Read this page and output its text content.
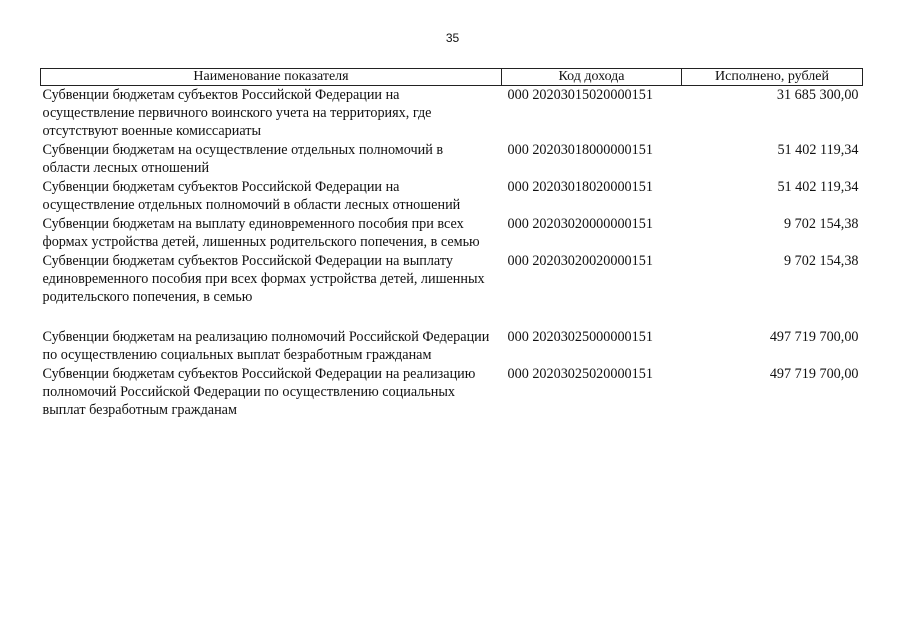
35
Наименование показателя	Код дохода	Исполнено, рублей
Субвенции бюджетам субъектов Российской Федерации на осуществление первичного воинского учета на территориях, где отсутствуют военные комиссариаты	000 20203015020000151	31 685 300,00
Субвенции бюджетам на осуществление отдельных полномочий в области лесных отношений	000 20203018000000151	51 402 119,34
Субвенции бюджетам субъектов Российской Федерации на осуществление отдельных полномочий в области лесных отношений	000 20203018020000151	51 402 119,34
Субвенции бюджетам на выплату единовременного пособия при всех формах устройства детей, лишенных родительского попечения, в семью	000 20203020000000151	9 702 154,38
Субвенции бюджетам субъектов Российской Федерации на выплату единовременного пособия при всех формах устройства детей, лишенных родительского попечения, в семью	000 20203020020000151	9 702 154,38
Субвенции бюджетам на реализацию полномочий Российской Федерации по осуществлению социальных выплат безработным гражданам	000 20203025000000151	497 719 700,00
Субвенции бюджетам субъектов Российской Федерации на реализацию полномочий Российской Федерации по осуществлению социальных выплат безработным гражданам	000 20203025020000151	497 719 700,00
